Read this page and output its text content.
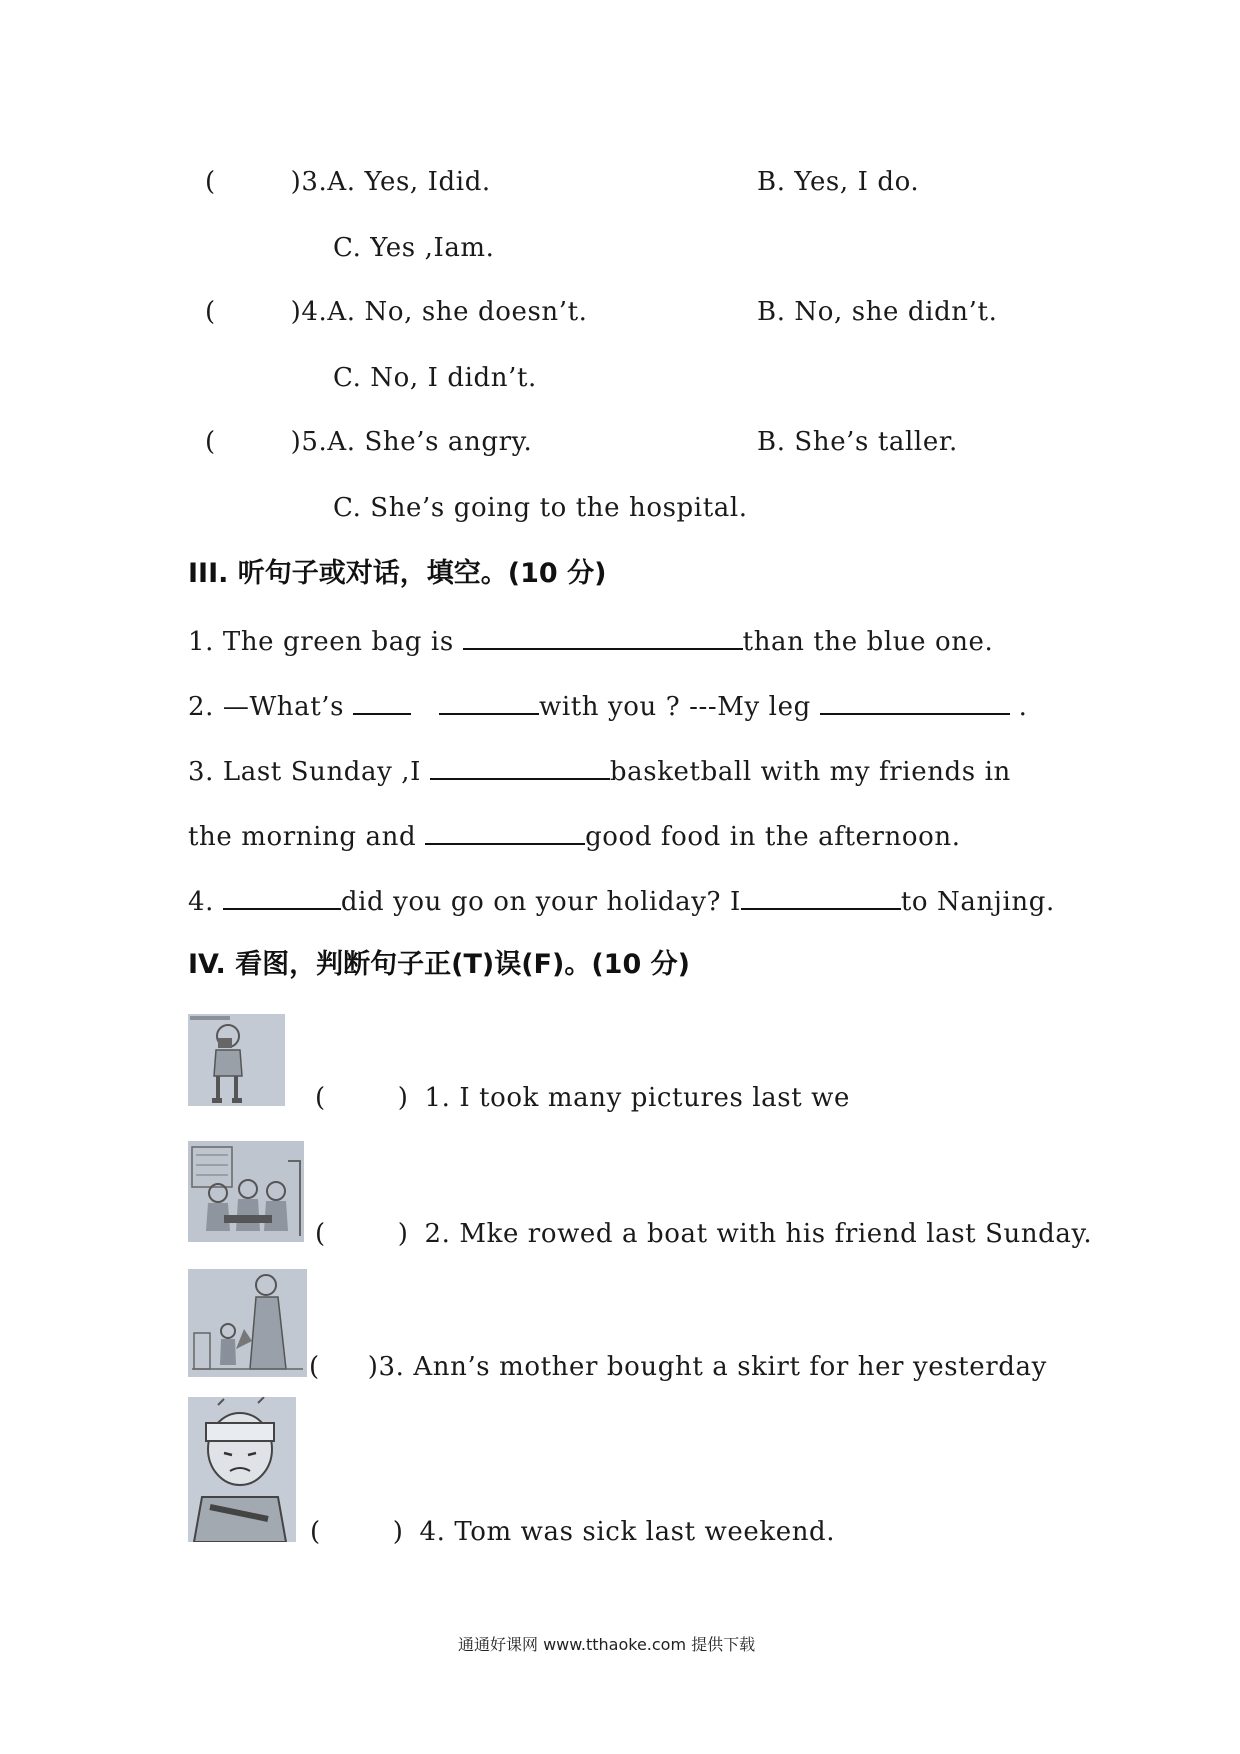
(	)3.A. Yes, Idid.	B. Yes, I do.
C. Yes ,Iam.
(	)4.A. No, she doesn’t.	B. No, she didn’t.
C. No, I didn’t.
(	)5.A. She’s angry.	B. She’s taller.
C. She’s going to the hospital.
III. 听句子或对话，填空。(10 分)
1. The green bag is	than the blue one.
2. —What’s	with you ? ---My leg	.
3. Last Sunday ,I	basketball with my friends in
the morning and	good food in the afternoon.
4.	did you go on your holiday? I	to Nanjing.
IV. 看图，判断句子正(T)误(F)。(10 分)
(	) 1. I took many pictures last we
(	) 2. Mke rowed a boat with his friend last Sunday.
( )3. Ann’s mother bought a skirt for her yesterday
(	) 4. Tom was sick last weekend.
通通好课网 www.tthaoke.com 提供下载
